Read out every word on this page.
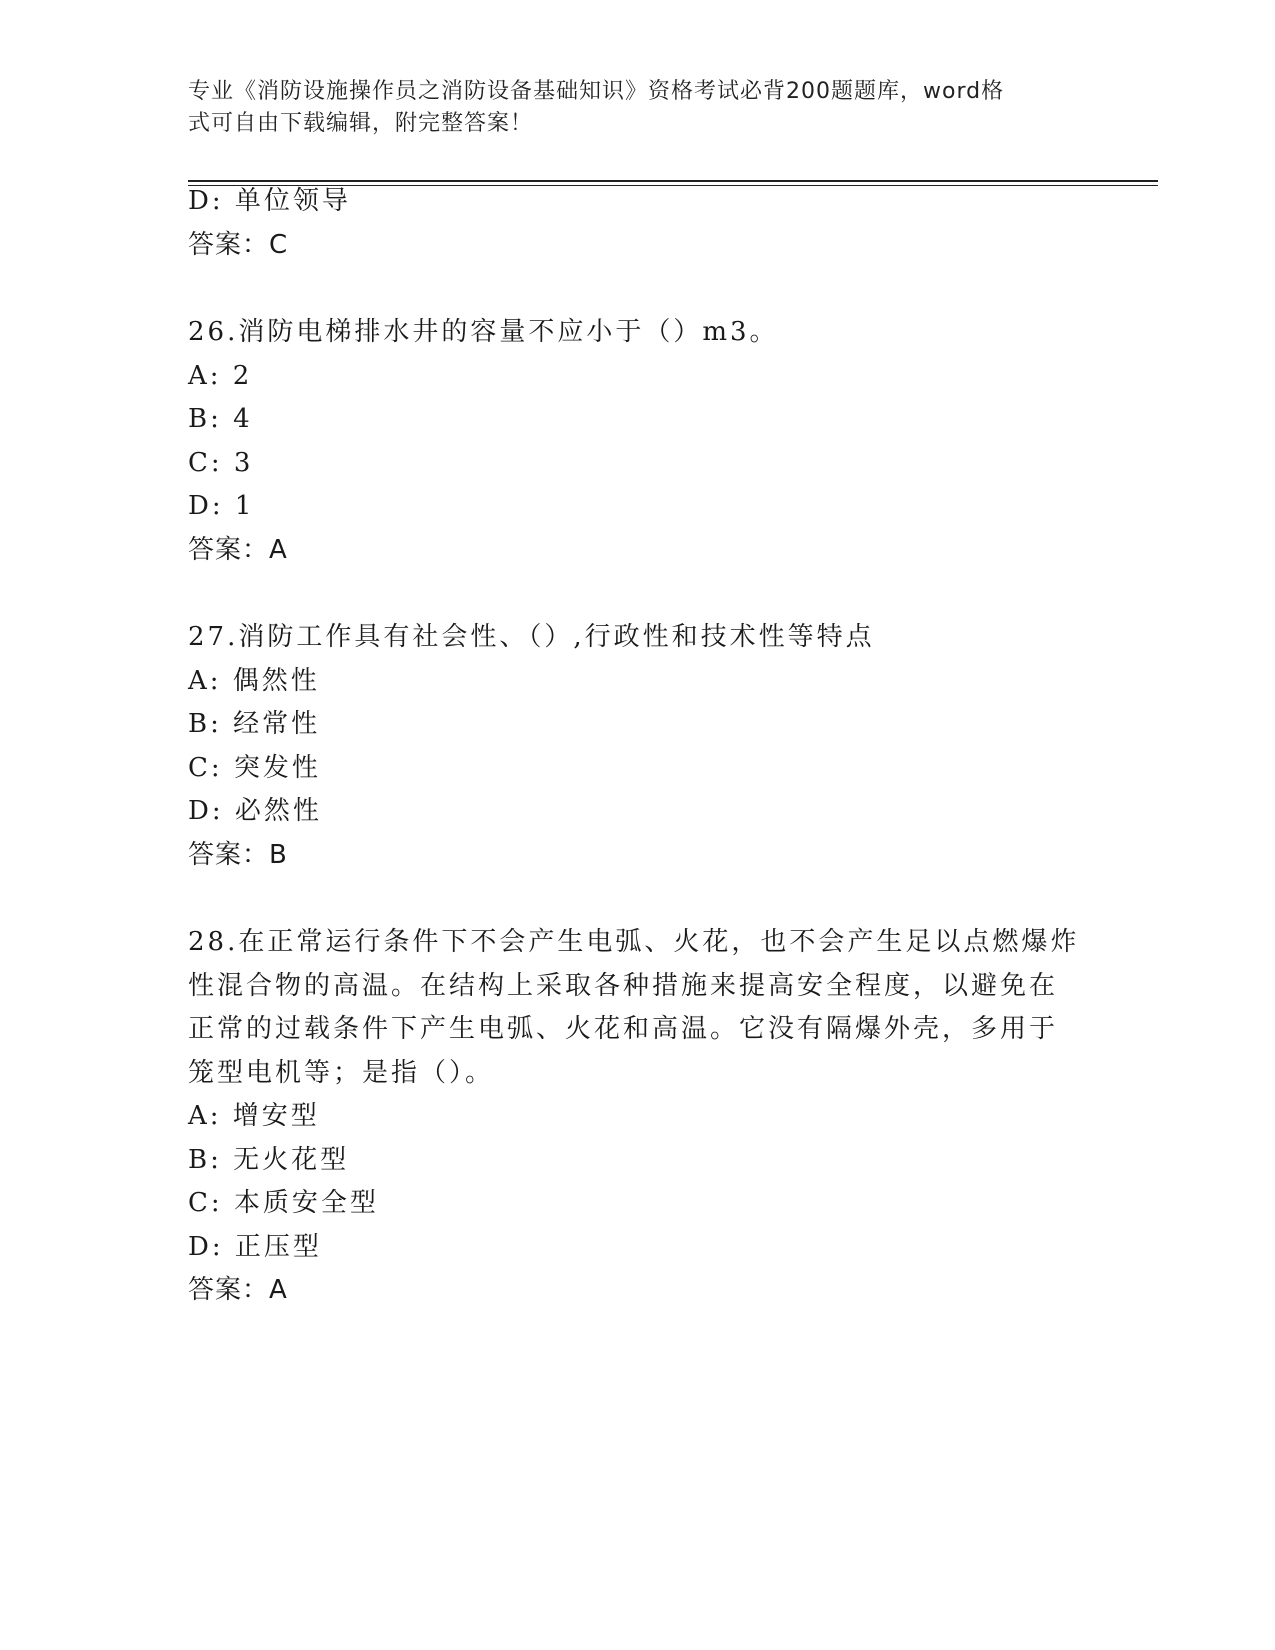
专业《消防设施操作员之消防设备基础知识》资格考试必背200题题库，word格
式可自由下载编辑，附完整答案！
D: 单位领导
答案：C
26.消防电梯排水井的容量不应小于（）m3。
A: 2
B: 4
C: 3
D: 1
答案：A
27.消防工作具有社会性、（）,行政性和技术性等特点
A: 偶然性
B: 经常性
C: 突发性
D: 必然性
答案：B
28.在正常运行条件下不会产生电弧、火花，也不会产生足以点燃爆炸
性混合物的高温。在结构上采取各种措施来提高安全程度，以避免在
正常的过载条件下产生电弧、火花和高温。它没有隔爆外壳，多用于
笼型电机等；是指（）。
A: 增安型
B: 无火花型
C: 本质安全型
D: 正压型
答案：A
